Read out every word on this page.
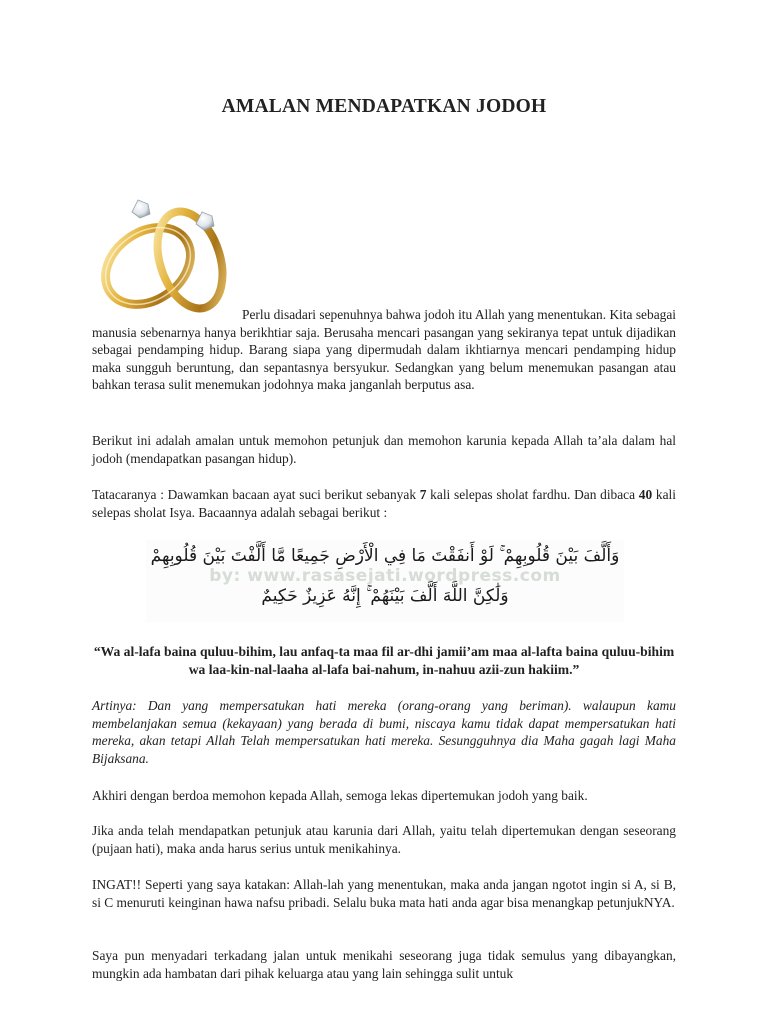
AMALAN MENDAPATKAN JODOH

Perlu disadari sepenuhnya bahwa jodoh itu Allah yang menentukan. Kita sebagai manusia sebenarnya hanya berikhtiar saja. Berusaha mencari pasangan yang sekiranya tepat untuk dijadikan sebagai pendamping hidup. Barang siapa yang dipermudah dalam ikhtiarnya mencari pendamping hidup maka sungguh beruntung, dan sepantasnya bersyukur. Sedangkan yang belum menemukan pasangan atau bahkan terasa sulit menemukan jodohnya maka janganlah berputus asa.

Berikut ini adalah amalan untuk memohon petunjuk dan memohon karunia kepada Allah ta’ala dalam hal jodoh (mendapatkan pasangan hidup).

Tatacaranya : Dawamkan bacaan ayat suci berikut sebanyak 7 kali selepas sholat fardhu. Dan dibaca 40 kali selepas sholat Isya. Bacaannya adalah sebagai berikut :

by: www.rasasejati.wordpress.com
وَأَلَّفَ بَيْنَ قُلُوبِهِمْ ۚ لَوْ أَنفَقْتَ مَا فِي الْأَرْضِ جَمِيعًا مَّا أَلَّفْتَ بَيْنَ قُلُوبِهِمْ
وَلَٰكِنَّ اللَّهَ أَلَّفَ بَيْنَهُمْ ۚ إِنَّهُ عَزِيزٌ حَكِيمٌ

“Wa al-lafa baina quluu-bihim, lau anfaq-ta maa fil ar-dhi jamii’am maa al-lafta baina quluu-bihim wa laa-kin-nal-laaha al-lafa bai-nahum, in-nahuu azii-zun hakiim.”

Artinya: Dan yang mempersatukan hati mereka (orang-orang yang beriman). walaupun kamu membelanjakan semua (kekayaan) yang berada di bumi, niscaya kamu tidak dapat mempersatukan hati mereka, akan tetapi Allah Telah mempersatukan hati mereka. Sesungguhnya dia Maha gagah lagi Maha Bijaksana.

Akhiri dengan berdoa memohon kepada Allah, semoga lekas dipertemukan jodoh yang baik.

Jika anda telah mendapatkan petunjuk atau karunia dari Allah, yaitu telah dipertemukan dengan seseorang (pujaan hati), maka anda harus serius untuk menikahinya.

INGAT!! Seperti yang saya katakan: Allah-lah yang menentukan, maka anda jangan ngotot ingin si A, si B, si C menuruti keinginan hawa nafsu pribadi. Selalu buka mata hati anda agar bisa menangkap petunjukNYA.

Saya pun menyadari terkadang jalan untuk menikahi seseorang juga tidak semulus yang dibayangkan, mungkin ada hambatan dari pihak keluarga atau yang lain sehingga sulit untuk
